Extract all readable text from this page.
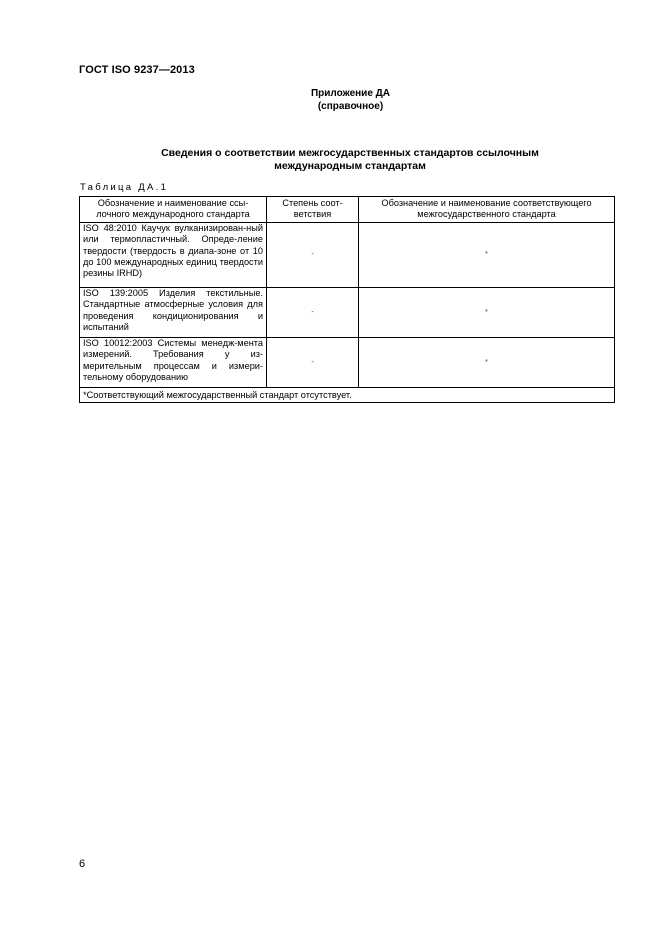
ГОСТ ISO 9237—2013
Приложение ДА
(справочное)
Сведения о соответствии межгосударственных стандартов ссылочным международным стандартам
Таблица ДА.1
Обозначение и наименование ссы-лочного международного стандарта	Степень соот-ветствия	Обозначение и наименование соответствующего межгосударственного стандарта
ISO 48:2010 Каучук вулканизирован-ный или термопластичный. Опреде-ление твердости (твердость в диапа-зоне от 10 до 100 международных единиц твердости резины IRHD)	-	*
ISO 139:2005 Изделия текстильные. Стандартные атмосферные условия для проведения кондиционирования и испытаний	-	*
ISO 10012:2003 Системы менедж-мента измерений. Требования у из-мерительным процессам и измери-тельному оборудованию	-	*
*Соответствующий межгосударственный стандарт отсутствует.		
6
